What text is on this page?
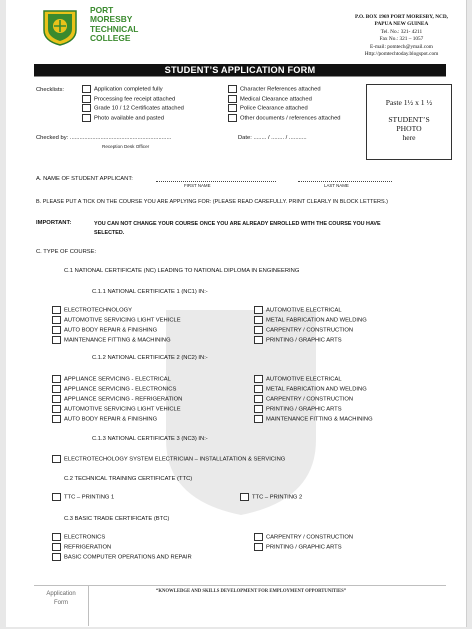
PORT
MORESBY
TECHNICAL
COLLEGE
P.O. BOX 1969 PORT MORESBY, NCD,
PAPUA NEW GUINEA
Tel. No.: 321- 4211
Fax No.: 321 – 1057
E-mail: pomtech@ymail.com
Http://pomtechtoday.blogspot.com
STUDENT’S APPLICATION FORM
Checklists:	Application completed fully
Processing fee receipt attached
Grade 10 / 12 Certificates attached
Photo available and pasted
Character References attached
Medical Clearance attached
Police Clearance attached
Other documents / references attached
Paste 1½ x 1 ½
STUDENT’S
PHOTO
here
Checked by: ...............................................................
Reception Desk Officer
Date: ........ / ........ / ...........
A. NAME OF STUDENT APPLICANT:
FIRST NAME	LAST NAME
B. PLEASE PUT A TICK ON THE COURSE YOU ARE APPLYING FOR: (PLEASE READ CAREFULLY. PRINT CLEARLY IN BLOCK LETTERS.)
IMPORTANT:	YOU CAN NOT CHANGE YOUR COURSE ONCE YOU ARE ALREADY ENROLLED WITH THE COURSE YOU HAVE
SELECTED.
C. TYPE OF COURSE:
C.1 NATIONAL CERTIFICATE (NC) LEADING TO NATIONAL DIPLOMA IN ENGINEERING
C.1.1 NATIONAL CERTIFICATE 1 (NC1) IN:-
ELECTROTECHNOLOGY
AUTOMOTIVE SERVICING LIGHT VEHICLE
AUTO BODY REPAIR & FINISHING
MAINTENANCE FITTING & MACHINING
AUTOMOTIVE ELECTRICAL
METAL FABRICATION AND WELDING
CARPENTRY / CONSTRUCTION
PRINTING / GRAPHIC ARTS
C.1.2 NATIONAL CERTIFICATE 2 (NC2) IN:-
APPLIANCE SERVICING - ELECTRICAL
APPLIANCE SERVICING - ELECTRONICS
APPLIANCE SERVICING - REFRIGERATION
AUTOMOTIVE SERVICING LIGHT VEHICLE
AUTO BODY REPAIR & FINISHING
AUTOMOTIVE ELECTRICAL
METAL FABRICATION AND WELDING
CARPENTRY / CONSTRUCTION
PRINTING / GRAPHIC ARTS
MAINTENANCE FITTING & MACHINING
C.1.3 NATIONAL CERTIFICATE 3 (NC3) IN:-
ELECTROTECHOLOGY SYSTEM ELECTRICIAN – INSTALLATATION & SERVICING
C.2 TECHNICAL TRAINING CERTIFICATE (TTC)
TTC – PRINTING 1	TTC – PRINTING 2
C.3 BASIC TRADE CERTIFICATE (BTC)
ELECTRONICS
REFRIGERATION
BASIC COMPUTER OPERATIONS AND REPAIR
CARPENTRY / CONSTRUCTION
PRINTING / GRAPHIC ARTS
Application
Form
“KNOWLEDGE AND SKILLS DEVELOPMENT FOR EMPLOYMENT OPPORTUNITIES”
